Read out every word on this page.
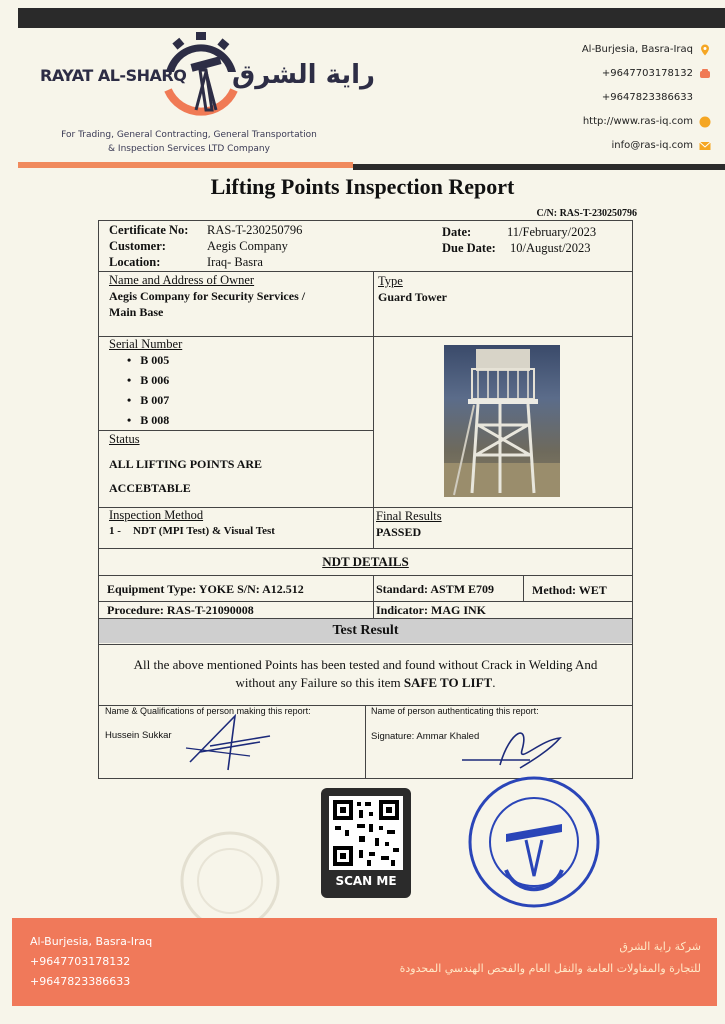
RAYAT AL-SHARQ راية الشرق
For Trading, General Contracting, General Transportation
& Inspection Services LTD Company
Al-Burjesia, Basra-Iraq
+9647703178132
+9647823386633
http://www.ras-iq.com
info@ras-iq.com
Lifting Points Inspection Report
C/N: RAS-T-230250796
Certificate No: RAS-T-230250796
Customer:	Aegis Company
Location:	Iraq- Basra
Date:	11/February/2023
Due Date: 10/August/2023
Name and Address of Owner
Aegis Company for Security Services /
Main Base
Type
Guard Tower
Serial Number
•   B 005
•   B 006
•   B 007
•   B 008
Status
ALL LIFTING POINTS ARE
ACCEBTABLE
Inspection Method
1 - NDT (MPI Test) & Visual Test
Final Results
PASSED
NDT DETAILS
Equipment Type: YOKE S/N: A12.512	Standard: ASTM E709	Method: WET
Procedure: RAS-T-21090008	Indicator: MAG INK
Test Result
All the above mentioned Points has been tested and found without Crack in Welding And
without any Failure so this item SAFE TO LIFT.
Name & Qualifications of person making this report:
Hussein Sukkar
Name of person authenticating this report:
Signature: Ammar Khaled
SCAN ME
Al-Burjesia, Basra-Iraq
+9647703178132
+9647823386633
شركة راية الشرق
للتجارة والمقاولات العامة والنقل العام والفحص الهندسي المحدودة
